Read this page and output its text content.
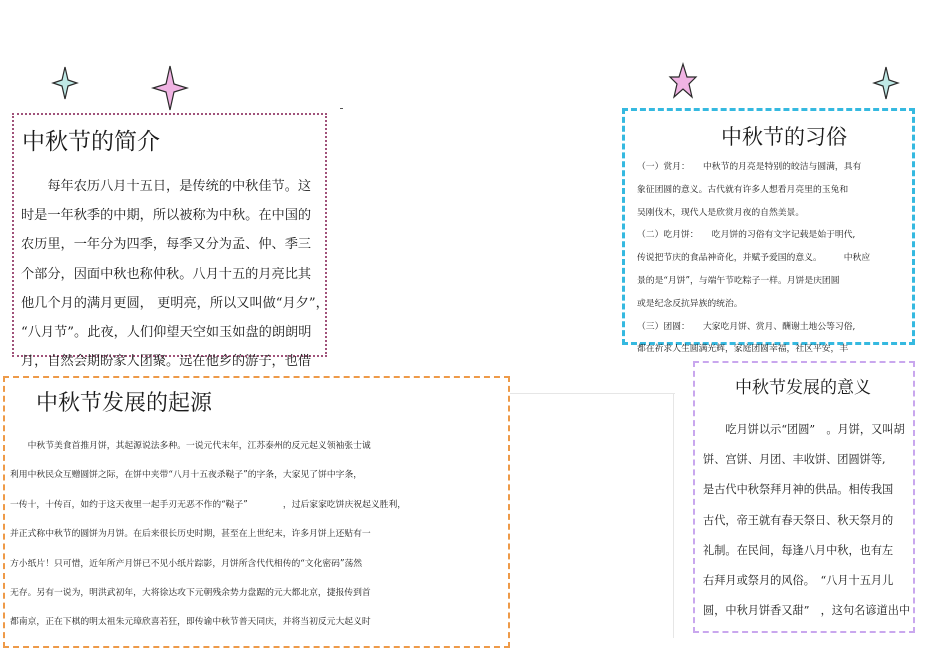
中秋节的简介
　　每年农历八月十五日，是传统的中秋佳节。这
时是一年秋季的中期，所以被称为中秋。在中国的
农历里，一年分为四季，每季又分为孟、仲、季三
个部分，因面中秋也称仲秋。八月十五的月亮比其
他几个月的满月更圆， 更明亮，所以又叫做“月夕”，
“八月节”。此夜，人们仰望天空如玉如盘的朗朗明
月，自然会期盼家人团聚。远在他乡的游子，也借
中秋节的习俗
（一）赏月：　　中秋节的月亮是特别的皎洁与圆满，具有
象征团圆的意义。古代就有许多人想看月亮里的玉兔和
吴刚伐木，现代人是欣赏月夜的自然美景。
（二）吃月饼：　　吃月饼的习俗有文字记载是始于明代,
传说把节庆的食品神奇化，并赋予爱国的意义。　　　中秋应
景的是“月饼”，与端午节吃粽子一样。月饼是庆团圆
或是纪念反抗异族的统治。
（三）团圆：　　大家吃月饼、赏月、酬谢土地公等习俗,
都在祈求人生圆满光辉，家庭团圆幸福，社区平安，丰
中秋节发展的起源
　　中秋节美食首推月饼，其起源说法多种。一说元代末年，江苏泰州的反元起义领袖张士诚
利用中秋民众互赠圆饼之际，在饼中夹带“八月十五夜杀鞑子”的字条，大家见了饼中字条，
一传十，十传百，如约于这天夜里一起手刃无恶不作的“鞑子”　　　　，过后家家吃饼庆祝起义胜利，
并正式称中秋节的圆饼为月饼。在后来很长历史时期，甚至在上世纪末，许多月饼上还贴有一
方小纸片！只可惜，近年所产月饼已不见小纸片踪影，月饼所含代代相传的“文化密码”荡然
无存。另有一说为，明洪武初年，大将徐达攻下元朝残余势力盘踞的元大都北京，捷报传到首
都南京，正在下棋的明太祖朱元璋欣喜若狂，即传谕中秋节普天同庆，并将当初反元大起义时
中秋节发展的意义
　　吃月饼以示“团圆”　。月饼，又叫胡
饼、宫饼、月团、丰收饼、团圆饼等,
是古代中秋祭拜月神的供品。相传我国
古代，帝王就有春天祭日、秋天祭月的
礼制。在民间，每逢八月中秋，也有左
右拜月或祭月的风俗。　“八月十五月儿
圆，中秋月饼香又甜”　，这句名谚道出中
